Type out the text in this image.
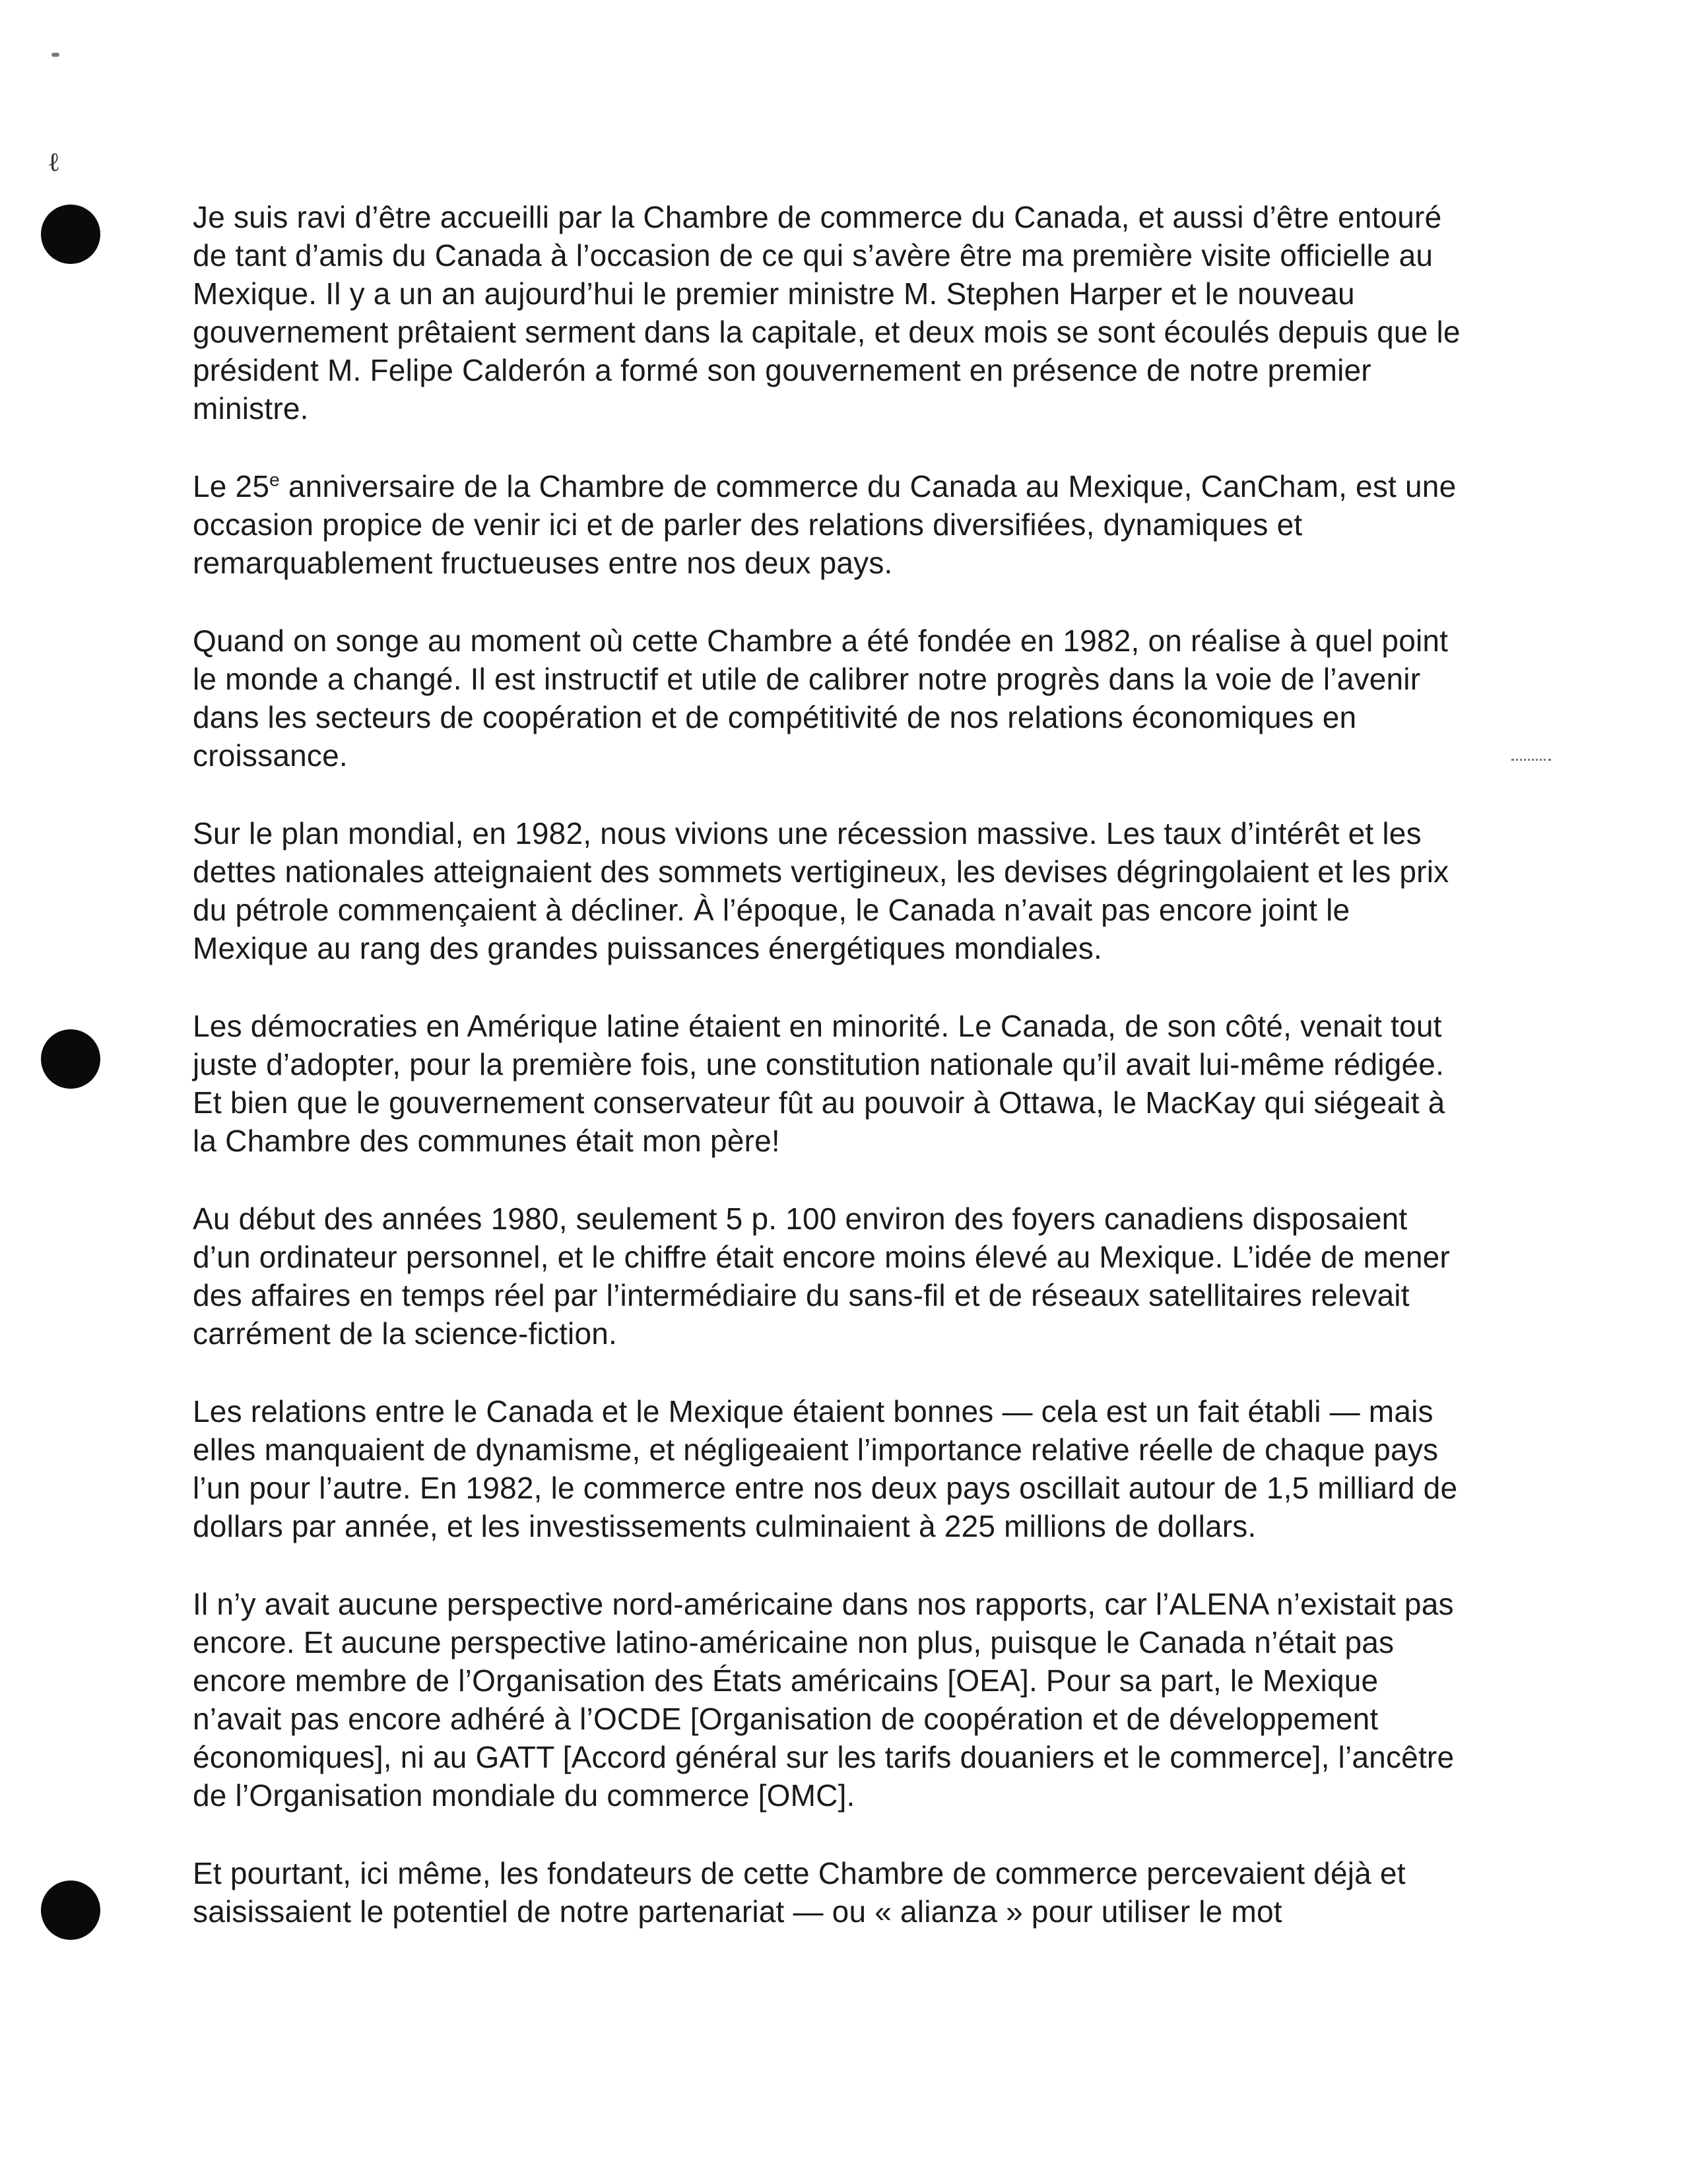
ℓ

Je suis ravi d’être accueilli par la Chambre de commerce du Canada, et aussi d’être entouré de tant d’amis du Canada à l’occasion de ce qui s’avère être ma première visite officielle au Mexique. Il y a un an aujourd’hui le premier ministre M. Stephen Harper et le nouveau gouvernement prêtaient serment dans la capitale, et deux mois se sont écoulés depuis que le président M. Felipe Calderón a formé son gouvernement en présence de notre premier ministre.

Le 25e anniversaire de la Chambre de commerce du Canada au Mexique, CanCham, est une occasion propice de venir ici et de parler des relations diversifiées, dynamiques et remarquablement fructueuses entre nos deux pays.

Quand on songe au moment où cette Chambre a été fondée en 1982, on réalise à quel point le monde a changé. Il est instructif et utile de calibrer notre progrès dans la voie de l’avenir dans les secteurs de coopération et de compétitivité de nos relations économiques en croissance.

Sur le plan mondial, en 1982, nous vivions une récession massive. Les taux d’intérêt et les dettes nationales atteignaient des sommets vertigineux, les devises dégringolaient et les prix du pétrole commençaient à décliner. À l’époque, le Canada n’avait pas encore joint le Mexique au rang des grandes puissances énergétiques mondiales.

Les démocraties en Amérique latine étaient en minorité. Le Canada, de son côté, venait tout juste d’adopter, pour la première fois, une constitution nationale qu’il avait lui-même rédigée. Et bien que le gouvernement conservateur fût au pouvoir à Ottawa, le MacKay qui siégeait à la Chambre des communes était mon père!

Au début des années 1980, seulement 5 p. 100 environ des foyers canadiens disposaient d’un ordinateur personnel, et le chiffre était encore moins élevé au Mexique. L’idée de mener des affaires en temps réel par l’intermédiaire du sans-fil et de réseaux satellitaires relevait carrément de la science-fiction.

Les relations entre le Canada et le Mexique étaient bonnes — cela est un fait établi — mais elles manquaient de dynamisme, et négligeaient l’importance relative réelle de chaque pays l’un pour l’autre. En 1982, le commerce entre nos deux pays oscillait autour de 1,5 milliard de dollars par année, et les investissements culminaient à 225 millions de dollars.

Il n’y avait aucune perspective nord-américaine dans nos rapports, car l’ALENA n’existait pas encore. Et aucune perspective latino-américaine non plus, puisque le Canada n’était pas encore membre de l’Organisation des États américains [OEA]. Pour sa part, le Mexique n’avait pas encore adhéré à l’OCDE [Organisation de coopération et de développement économiques], ni au GATT [Accord général sur les tarifs douaniers et le commerce], l’ancêtre de l’Organisation mondiale du commerce [OMC].

Et pourtant, ici même, les fondateurs de cette Chambre de commerce percevaient déjà et saisissaient le potentiel de notre partenariat — ou « alianza » pour utiliser le mot
